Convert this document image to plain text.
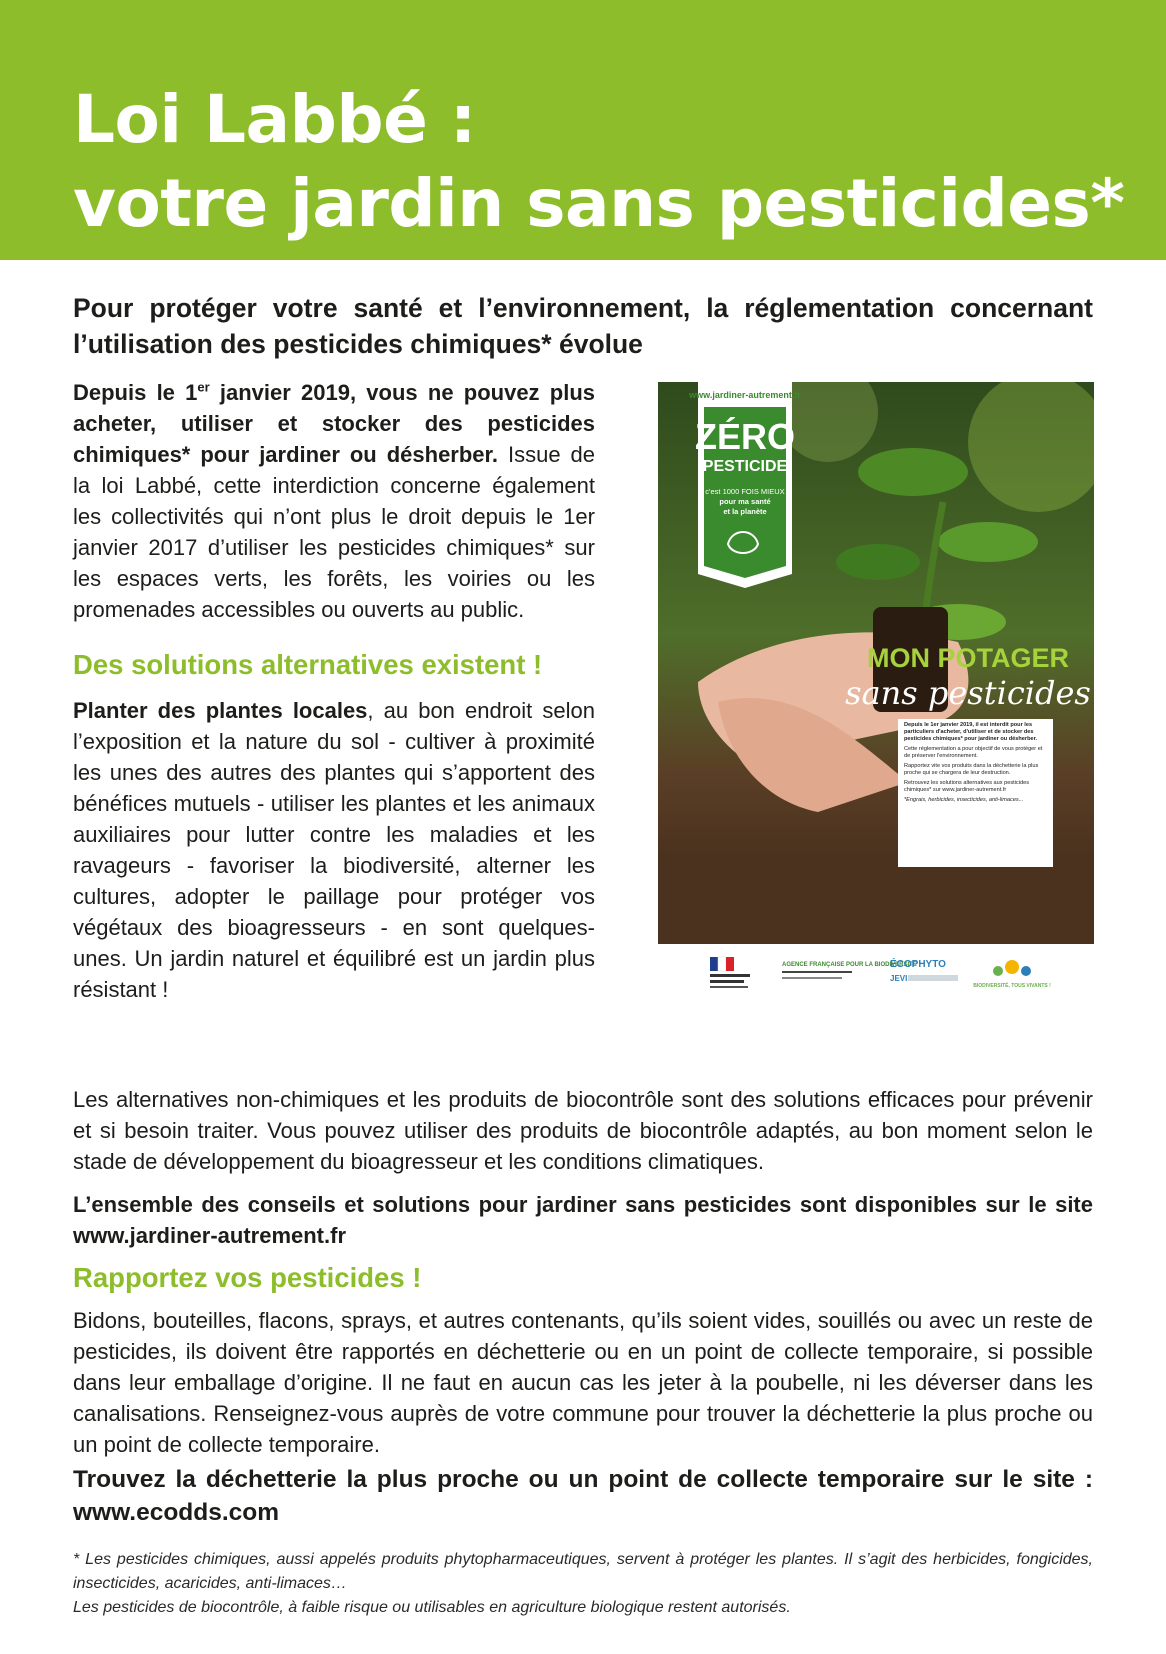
Loi Labbé :
votre jardin sans pesticides*

Pour protéger votre santé et l’environnement, la réglementation concernant l’utilisation des pesticides chimiques* évolue

Depuis le 1er janvier 2019, vous ne pouvez plus acheter, utiliser et stocker des pesticides chimiques* pour jardiner ou désherber. Issue de la loi Labbé, cette interdiction concerne également les collectivités qui n’ont plus le droit depuis le 1er janvier 2017 d’utiliser les pesticides chimiques* sur les espaces verts, les forêts, les voiries ou les promenades accessibles ou ouverts au public.

Des solutions alternatives existent !

Planter des plantes locales, au bon endroit selon l’exposition et la nature du sol - cultiver à proximité les unes des autres des plantes qui s’apportent des bénéfices mutuels - utiliser les plantes et les animaux auxiliaires pour lutter contre les maladies et les ravageurs - favoriser la biodiversité, alterner les cultures, adopter le paillage pour protéger vos végétaux des bioagresseurs - en sont quelques-unes. Un jardin naturel et équilibré est un jardin plus résistant !

www.jardiner-autrement.fr
ZÉRO
PESTICIDE
c'est 1000 FOIS MIEUX
pour ma santé
et la planète
MON POTAGER
sans pesticides
Depuis le 1er janvier 2019, il est interdit pour les particuliers d'acheter, d'utiliser et de stocker des pesticides chimiques* pour jardiner ou désherber.
Cette réglementation a pour objectif de vous protéger et de préserver l'environnement.
Rapportez vite vos produits dans la déchetterie la plus proche qui se chargera de leur destruction.
Retrouvez les solutions alternatives aux pesticides chimiques* sur www.jardiner-autrement.fr
*Engrais, herbicides, insecticides, anti-limaces...
AGENCE FRANÇAISE POUR LA BIODIVERSITÉ
ÉCOPHYTO
JEVI
BIODIVERSITÉ, TOUS VIVANTS !

Les alternatives non-chimiques et les produits de biocontrôle sont des solutions efficaces pour prévenir et si besoin traiter. Vous pouvez utiliser des produits de biocontrôle adaptés, au bon moment selon le stade de développement du bioagresseur et les conditions climatiques.

L’ensemble des conseils et solutions pour jardiner sans pesticides sont disponibles sur le site www.jardiner-autrement.fr

Rapportez vos pesticides !

Bidons, bouteilles, flacons, sprays, et autres contenants, qu’ils soient vides, souillés ou avec un reste de pesticides, ils doivent être rapportés en déchetterie ou en un point de collecte temporaire, si possible dans leur emballage d’origine. Il ne faut en aucun cas les jeter à la poubelle, ni les déverser dans les canalisations. Renseignez-vous auprès de votre commune pour trouver la déchetterie la plus proche ou un point de collecte temporaire.

Trouvez la déchetterie la plus proche ou un point de collecte temporaire sur le site : www.ecodds.com

* Les pesticides chimiques, aussi appelés produits phytopharmaceutiques, servent à protéger les plantes. Il s’agit des herbicides, fongicides, insecticides, acaricides, anti-limaces…

Les pesticides de biocontrôle, à faible risque ou utilisables en agriculture biologique restent autorisés.
